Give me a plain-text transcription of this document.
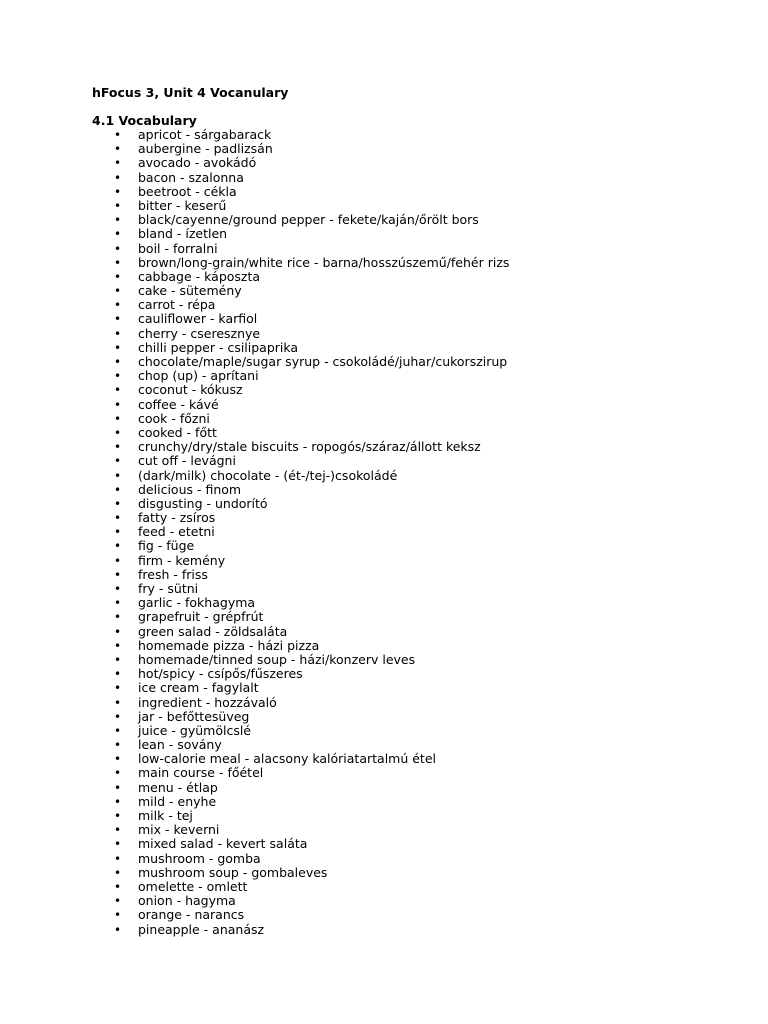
hFocus 3, Unit 4 Vocanulary
4.1 Vocabulary
• apricot - sárgabarack
• aubergine - padlizsán
• avocado - avokádó
• bacon - szalonna
• beetroot - cékla
• bitter - keserű
• black/cayenne/ground pepper - fekete/kaján/őrölt bors
• bland - ízetlen
• boil - forralni
• brown/long-grain/white rice - barna/hosszúszemű/fehér rizs
• cabbage - káposzta
• cake - sütemény
• carrot - répa
• cauliflower - karfiol
• cherry - cseresznye
• chilli pepper - csilipaprika
• chocolate/maple/sugar syrup - csokoládé/juhar/cukorszirup
• chop (up) - aprítani
• coconut - kókusz
• coffee - kávé
• cook - főzni
• cooked - főtt
• crunchy/dry/stale biscuits - ropogós/száraz/állott keksz
• cut off - levágni
• (dark/milk) chocolate - (ét-/tej-)csokoládé
• delicious - finom
• disgusting - undorító
• fatty - zsíros
• feed - etetni
• fig - füge
• firm - kemény
• fresh - friss
• fry - sütni
• garlic - fokhagyma
• grapefruit - grépfrút
• green salad - zöldsaláta
• homemade pizza - házi pizza
• homemade/tinned soup - házi/konzerv leves
• hot/spicy - csípős/fűszeres
• ice cream - fagylalt
• ingredient - hozzávaló
• jar - befőttesüveg
• juice - gyümölcslé
• lean - sovány
• low-calorie meal - alacsony kalóriatartalmú étel
• main course - főétel
• menu - étlap
• mild - enyhe
• milk - tej
• mix - keverni
• mixed salad - kevert saláta
• mushroom - gomba
• mushroom soup - gombaleves
• omelette - omlett
• onion - hagyma
• orange - narancs
• pineapple - ananász
